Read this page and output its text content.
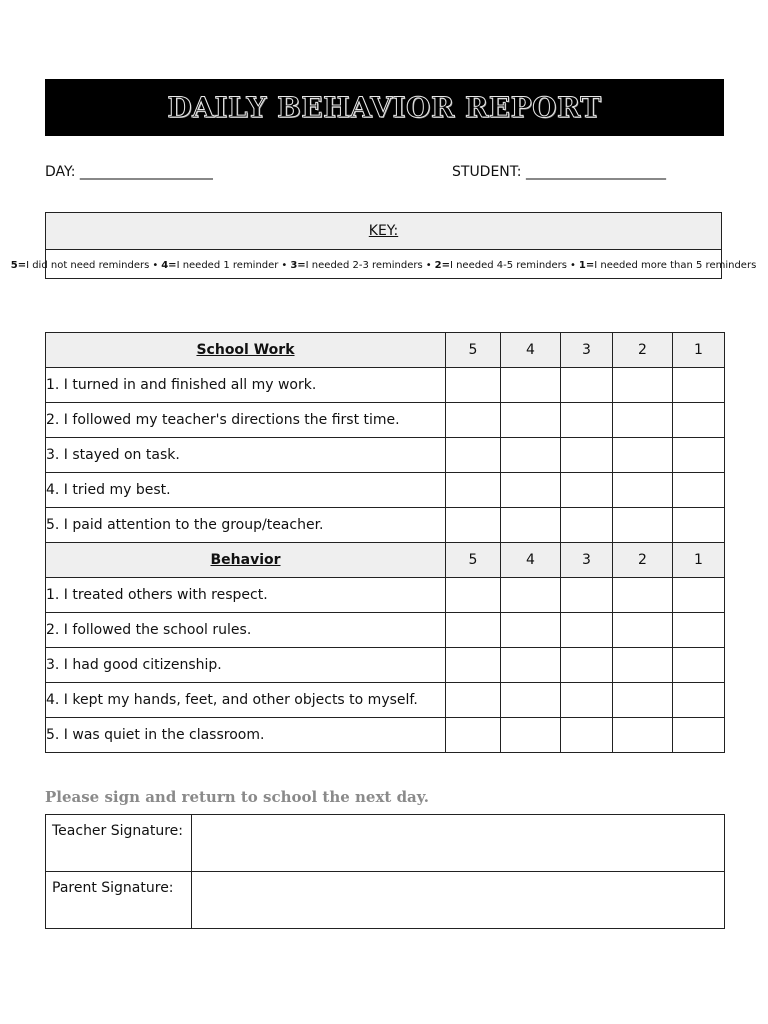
DAILY BEHAVIOR REPORT
DAY: ___________________	STUDENT: ____________________
KEY:
5= I did not need reminders • 4= I needed 1 reminder • 3= I needed 2-3 reminders • 2= I needed 4-5 reminders • 1= I needed more than 5 reminders
School Work	5	4	3	2	1
1. I turned in and finished all my work.					
2. I followed my teacher's directions the first time.					
3. I stayed on task.					
4. I tried my best.					
5. I paid attention to the group/teacher.					
Behavior	5	4	3	2	1
1. I treated others with respect.					
2. I followed the school rules.					
3. I had good citizenship.					
4. I kept my hands, feet, and other objects to myself.					
5. I was quiet in the classroom.					
Please sign and return to school the next day.
Teacher Signature:	
Parent Signature:	
